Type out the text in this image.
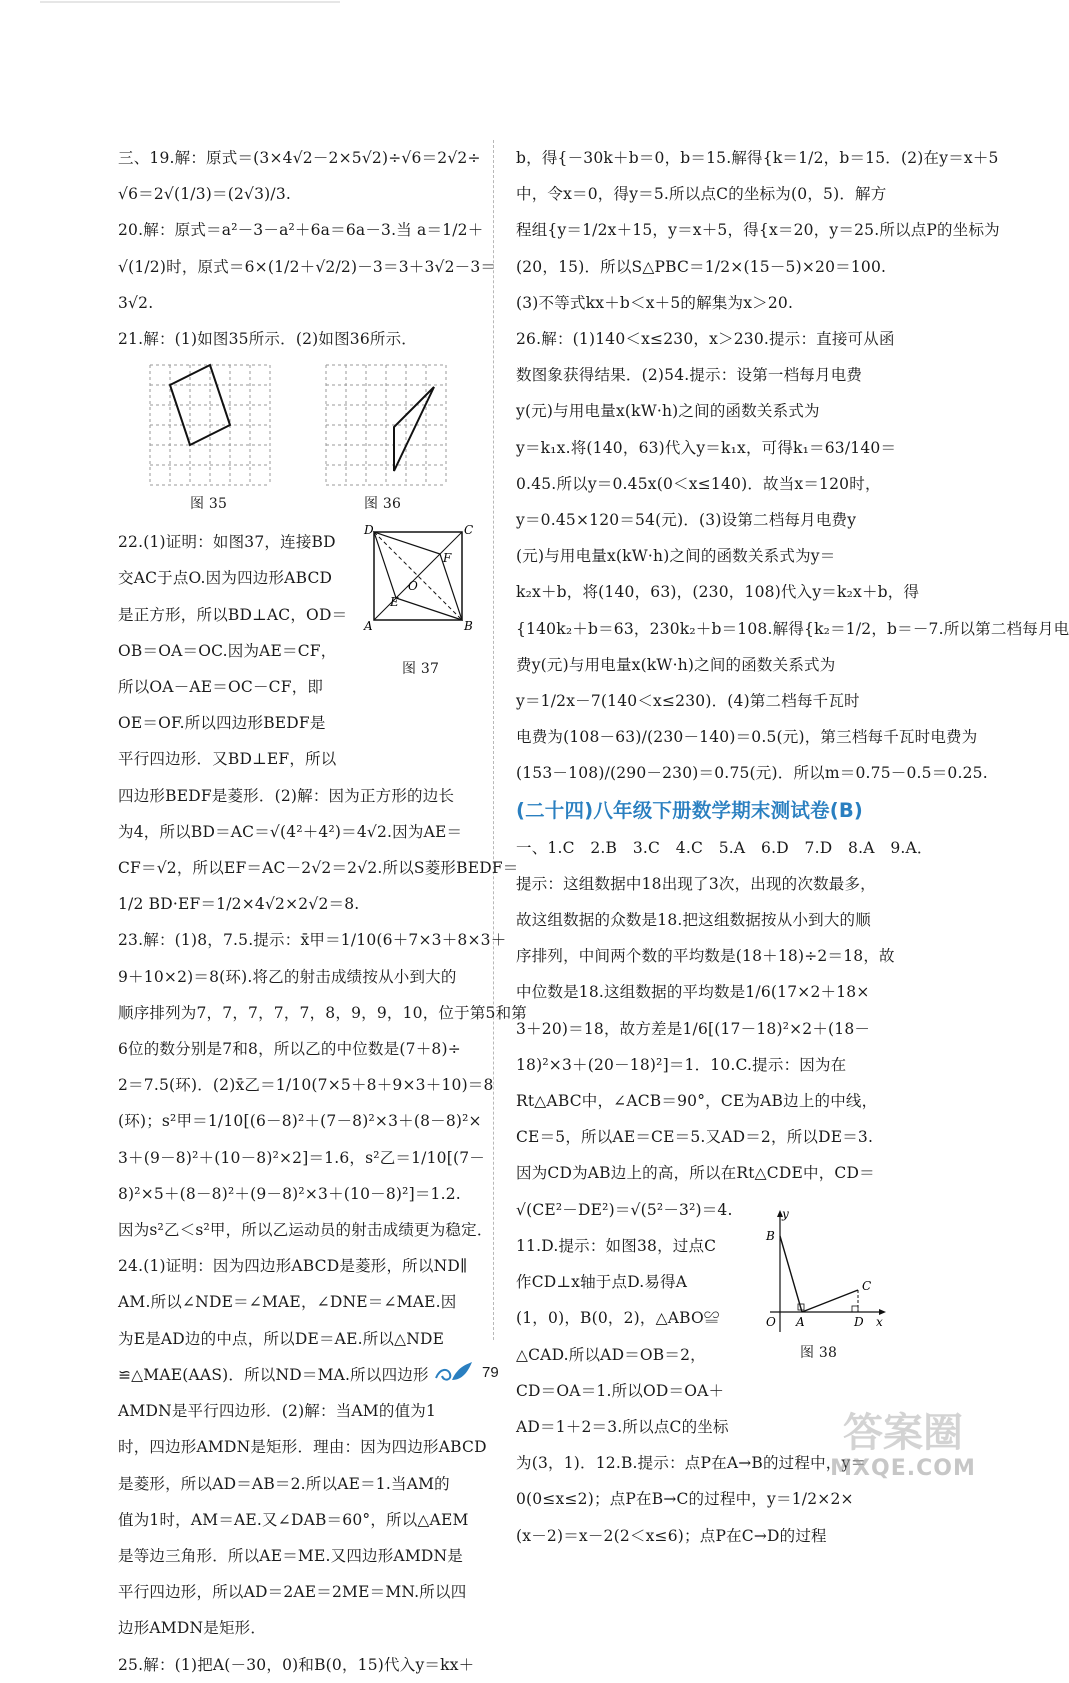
三、19.解：原式＝(3×4√2－2×5√2)÷√6＝2√2÷
√6＝2√(1/3)＝(2√3)/3.
20.解：原式＝a²－3－a²＋6a＝6a－3.当 a＝1/2＋
√(1/2)时，原式＝6×(1/2＋√2/2)－3＝3＋3√2－3＝
3√2.
21.解：(1)如图35所示．(2)如图36所示．
图 35	图 36
22.(1)证明：如图37，连接BD
交AC于点O.因为四边形ABCD
是正方形，所以BD⊥AC，OD＝
OB＝OA＝OC.因为AE＝CF，
所以OA－AE＝OC－CF，即
OE＝OF.所以四边形BEDF是
平行四边形．又BD⊥EF，所以
D	C
F
O
E
A	B
图 37
四边形BEDF是菱形．(2)解：因为正方形的边长
为4，所以BD＝AC＝√(4²＋4²)＝4√2.因为AE＝
CF＝√2，所以EF＝AC－2√2＝2√2.所以S菱形BEDF＝
1/2 BD·EF＝1/2×4√2×2√2＝8.
23.解：(1)8，7.5.提示：x̄甲＝1/10(6＋7×3＋8×3＋
9＋10×2)＝8(环).将乙的射击成绩按从小到大的
顺序排列为7，7，7，7，7，8，9，9，10，位于第5和第
6位的数分别是7和8，所以乙的中位数是(7＋8)÷
2＝7.5(环)．(2)x̄乙＝1/10(7×5＋8＋9×3＋10)＝8
(环)；s²甲＝1/10[(6－8)²＋(7－8)²×3＋(8－8)²×
3＋(9－8)²＋(10－8)²×2]＝1.6，s²乙＝1/10[(7－
8)²×5＋(8－8)²＋(9－8)²×3＋(10－8)²]＝1.2.
因为s²乙＜s²甲，所以乙运动员的射击成绩更为稳定．
24.(1)证明：因为四边形ABCD是菱形，所以ND∥
AM.所以∠NDE＝∠MAE，∠DNE＝∠MAE.因
为E是AD边的中点，所以DE＝AE.所以△NDE
≌△MAE(AAS)．所以ND＝MA.所以四边形
AMDN是平行四边形．(2)解：当AM的值为1
时，四边形AMDN是矩形．理由：因为四边形ABCD
是菱形，所以AD＝AB＝2.所以AE＝1.当AM的
值为1时，AM＝AE.又∠DAB＝60°，所以△AEM
是等边三角形．所以AE＝ME.又四边形AMDN是
平行四边形，所以AD＝2AE＝2ME＝MN.所以四
边形AMDN是矩形．
25.解：(1)把A(－30，0)和B(0，15)代入y＝kx＋
b，得{－30k＋b＝0，b＝15.解得{k＝1/2，b＝15．(2)在y＝x＋5
中，令x＝0，得y＝5.所以点C的坐标为(0，5)．解方
程组{y＝1/2x＋15，y＝x＋5，得{x＝20，y＝25.所以点P的坐标为
(20，15)．所以S△PBC＝1/2×(15－5)×20＝100.
(3)不等式kx＋b＜x＋5的解集为x＞20.
26.解：(1)140＜x≤230，x＞230.提示：直接可从函
数图象获得结果．(2)54.提示：设第一档每月电费
y(元)与用电量x(kW·h)之间的函数关系式为
y＝k₁x.将(140，63)代入y＝k₁x，可得k₁＝63/140＝
0.45.所以y＝0.45x(0＜x≤140)．故当x＝120时，
y＝0.45×120＝54(元)．(3)设第二档每月电费y
(元)与用电量x(kW·h)之间的函数关系式为y＝
k₂x＋b，将(140，63)，(230，108)代入y＝k₂x＋b，得
{140k₂＋b＝63，230k₂＋b＝108.解得{k₂＝1/2，b＝－7.所以第二档每月电
费y(元)与用电量x(kW·h)之间的函数关系式为
y＝1/2x－7(140＜x≤230)．(4)第二档每千瓦时
电费为(108－63)/(230－140)＝0.5(元)，第三档每千瓦时电费为
(153－108)/(290－230)＝0.75(元)．所以m＝0.75－0.5＝0.25.
(二十四)八年级下册数学期末测试卷(B)
一、1.C　2.B　3.C　4.C　5.A　6.D　7.D　8.A　9.A．
提示：这组数据中18出现了3次，出现的次数最多，
故这组数据的众数是18.把这组数据按从小到大的顺
序排列，中间两个数的平均数是(18＋18)÷2＝18，故
中位数是18.这组数据的平均数是1/6(17×2＋18×
3＋20)＝18，故方差是1/6[(17－18)²×2＋(18－
18)²×3＋(20－18)²]＝1．10.C.提示：因为在
Rt△ABC中，∠ACB＝90°，CE为AB边上的中线，
CE＝5，所以AE＝CE＝5.又AD＝2，所以DE＝3.
因为CD为AB边上的高，所以在Rt△CDE中，CD＝
√(CE²－DE²)＝√(5²－3²)＝4.
11.D.提示：如图38，过点C
作CD⊥x轴于点D.易得A
(1，0)，B(0，2)，△ABO≌
△CAD.所以AD＝OB＝2，
CD＝OA＝1.所以OD＝OA＋
y
B
C
O A	D x
图 38
AD＝1＋2＝3.所以点C的坐标
为(3，1)．12.B.提示：点P在A→B的过程中，y＝
0(0≤x≤2)；点P在B→C的过程中，y＝1/2×2×
(x－2)＝x－2(2＜x≤6)；点P在C→D的过程
79
答案圈
MXQE.COM
